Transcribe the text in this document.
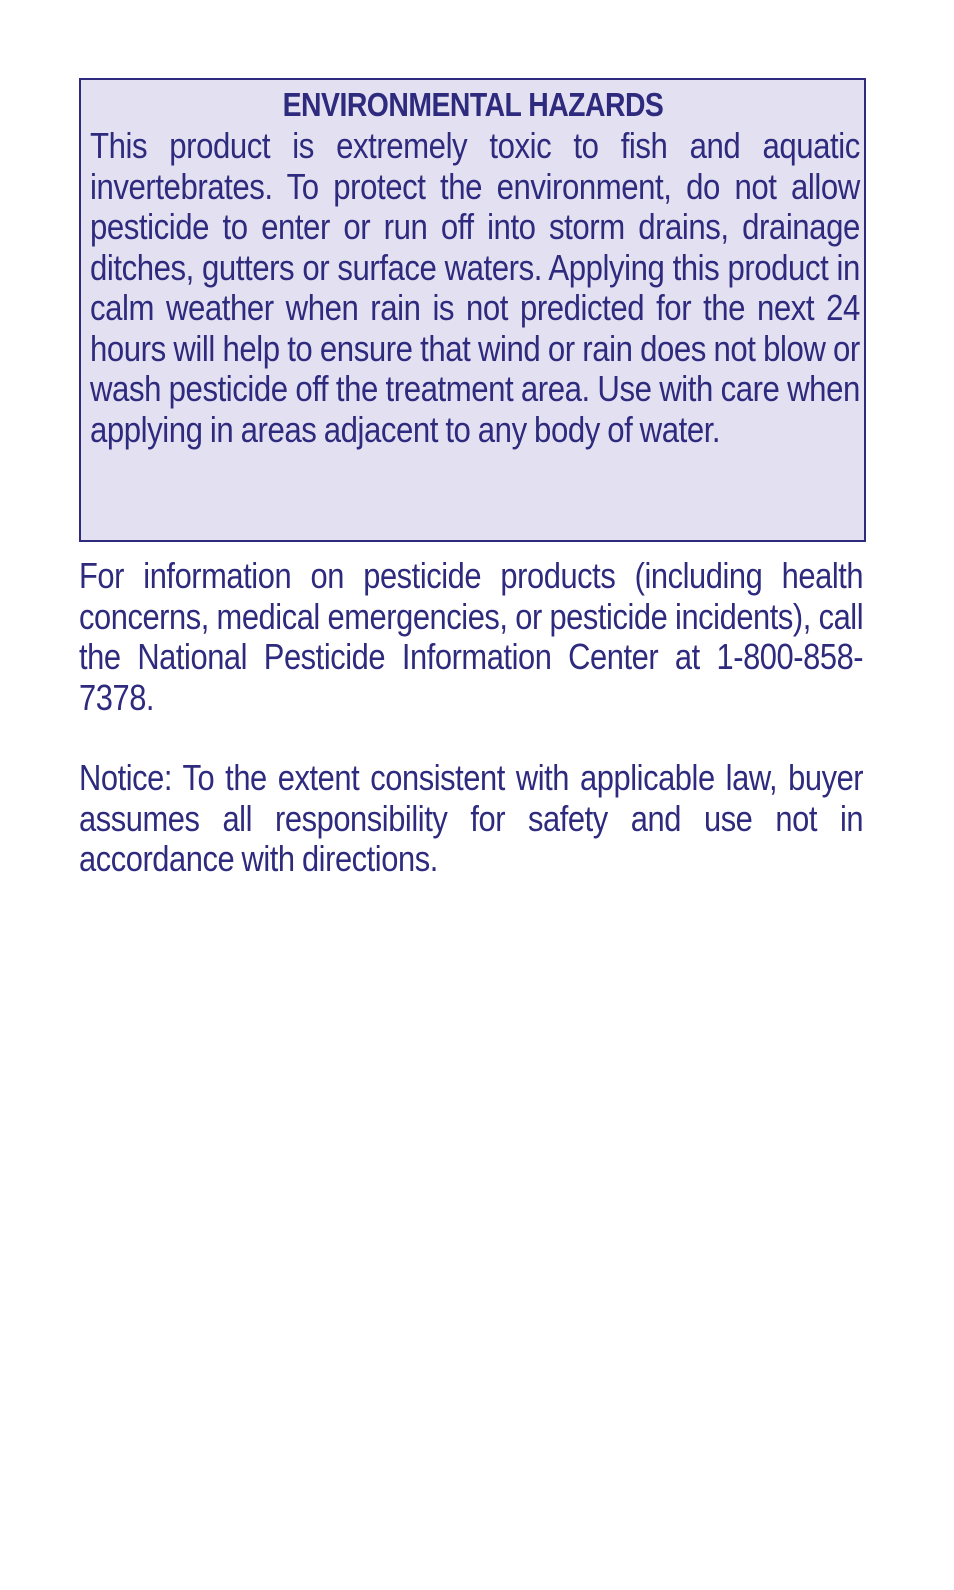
ENVIRONMENTAL HAZARDS

This product is extremely toxic to fish and aquatic invertebrates. To protect the environment, do not allow pesticide to enter or run off into storm drains, drainage ditches, gutters or surface waters. Applying this product in calm weather when rain is not predicted for the next 24 hours will help to ensure that wind or rain does not blow or wash pesticide off the treatment area. Use with care when applying in areas adjacent to any body of water.

For information on pesticide products (including health concerns, medical emergencies, or pesticide incidents), call the National Pesticide Information Center at 1-800-858-7378.

Notice: To the extent consistent with applicable law, buyer assumes all responsibility for safety and use not in accordance with directions.
